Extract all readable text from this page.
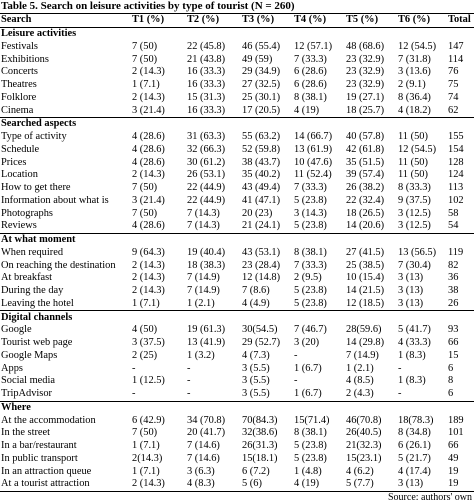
Table 5. Search on leisure activities by type of tourist (N = 260)
Search	T1 (%)	T2 (%)	T3 (%)	T4 (%)	T5 (%)	T6 (%)	Total
Leisure activities							
Festivals	7 (50)	22 (45.8)	46 (55.4)	12 (57.1)	48 (68.6)	12 (54.5)	147
Exhibitions	7 (50)	21 (43.8)	49 (59)	7 (33.3)	23 (32.9)	7 (31.8)	114
Concerts	2 (14.3)	16 (33.3)	29 (34.9)	6 (28.6)	23 (32.9)	3 (13.6)	76
Theatres	1 (7.1)	16 (33.3)	27 (32.5)	6 (28.6)	23 (32.9)	2 (9.1)	75
Folklore	2 (14.3)	15 (31.3)	25 (30.1)	8 (38.1)	19 (27.1)	8 (36.4)	74
Cinema	3 (21.4)	16 (33.3)	17 (20.5)	4 (19)	18 (25.7)	4 (18.2)	62
Searched aspects							
Type of activity	4 (28.6)	31 (63.3)	55 (63.2)	14 (66.7)	40 (57.8)	11 (50)	155
Schedule	4 (28.6)	32 (66.3)	52 (59.8)	13 (61.9)	42 (61.8)	12 (54.5)	154
Prices	4 (28.6)	30 (61.2)	38 (43.7)	10 (47.6)	35 (51.5)	11 (50)	128
Location	2 (14.3)	26 (53.1)	35 (40.2)	11 (52.4)	39 (57.4)	11 (50)	124
How to get there	7 (50)	22 (44.9)	43 (49.4)	7 (33.3)	26 (38.2)	8 (33.3)	113
Information about what is	3 (21.4)	22 (44.9)	41 (47.1)	5 (23.8)	22 (32.4)	9 (37.5)	102
Photographs	7 (50)	7 (14.3)	20 (23)	3 (14.3)	18 (26.5)	3 (12.5)	58
Reviews	4 (28.6)	7 (14.3)	21 (24.1)	5 (23.8)	14 (20.6)	3 (12.5)	54
At what moment							
When required	9 (64.3)	19 (40.4)	43 (53.1)	8 (38.1)	27 (41.5)	13 (56.5)	119
On reaching the destination	2 (14.3)	18 (38.3)	23 (28.4)	7 (33.3)	25 (38.5)	7 (30.4)	82
At breakfast	2 (14.3)	7 (14.9)	12 (14.8)	2 (9.5)	10 (15.4)	3 (13)	36
During the day	2 (14.3)	7 (14.9)	7 (8.6)	5 (23.8)	14 (21.5)	3 (13)	38
Leaving the hotel	1 (7.1)	1 (2.1)	4 (4.9)	5 (23.8)	12 (18.5)	3 (13)	26
Digital channels							
Google	4 (50)	19 (61.3)	30(54.5)	7 (46.7)	28(59.6)	5 (41.7)	93
Tourist web page	3 (37.5)	13 (41.9)	29 (52.7)	3 (20)	14 (29.8)	4 (33.3)	66
Google Maps	2 (25)	1 (3.2)	4 (7.3)	-	7 (14.9)	1 (8.3)	15
Apps	-	-	3 (5.5)	1 (6.7)	1 (2.1)	-	6
Social media	1 (12.5)	-	3 (5.5)	-	4 (8.5)	1 (8.3)	8
TripAdvisor	-	-	3 (5.5)	1 (6.7)	2 (4.3)	-	6
Where							
At the accommodation	6 (42.9)	34 (70.8)	70(84.3)	15(71.4)	46(70.8)	18(78.3)	189
In the street	7 (50)	20 (41.7)	32(38.6)	8 (38.1)	26(40.5)	8 (34.8)	101
In a bar/restaurant	1 (7.1)	7 (14.6)	26(31.3)	5 (23.8)	21(32.3)	6 (26.1)	66
In public transport	2(14.3)	7 (14.6)	15(18.1)	5 (23.8)	15(23.1)	5 (21.7)	49
In an attraction queue	1 (7.1)	3 (6.3)	6 (7.2)	1 (4.8)	4 (6.2)	4 (17.4)	19
At a tourist attraction	2 (14.3)	4 (8.3)	5 (6)	4 (19)	5 (7.7)	3 (13)	19
Source: authors' own
